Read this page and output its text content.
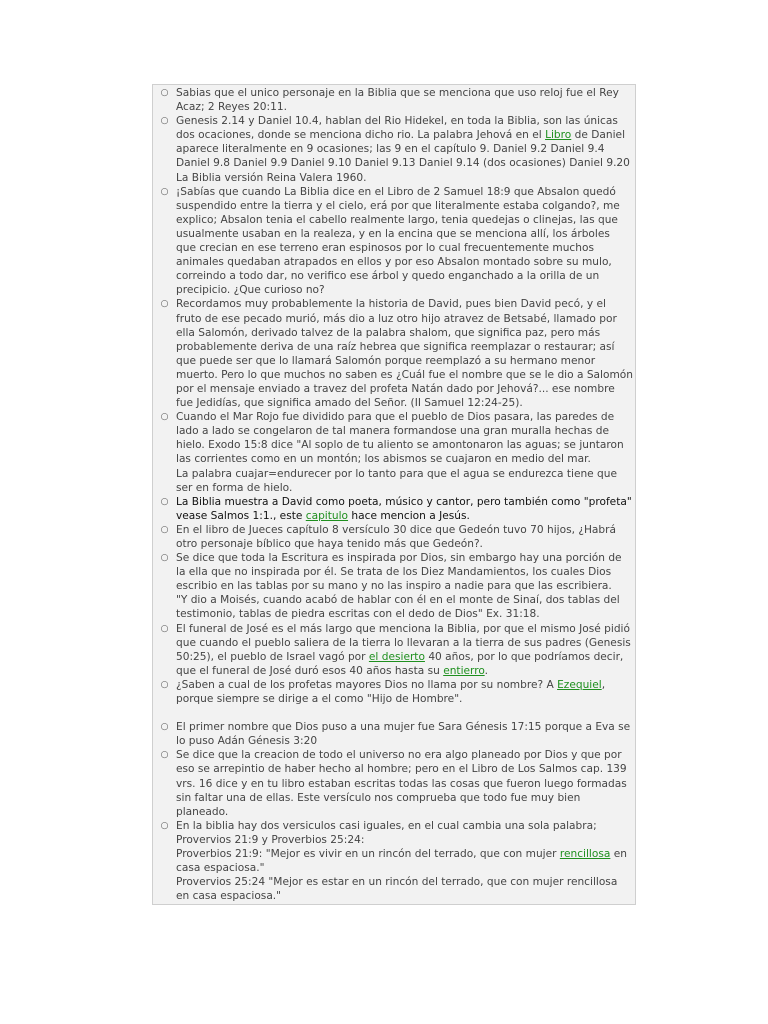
○ Sabias que el unico personaje en la Biblia que se menciona que uso reloj fue el Rey Acaz; 2 Reyes 20:11.
○ Genesis 2.14 y Daniel 10.4, hablan del Rio Hidekel, en toda la Biblia, son las únicas dos ocaciones, donde se menciona dicho rio. La palabra Jehová en el Libro de Daniel aparece literalmente en 9 ocasiones; las 9 en el capítulo 9. Daniel 9.2 Daniel 9.4 Daniel 9.8 Daniel 9.9 Daniel 9.10 Daniel 9.13 Daniel 9.14 (dos ocasiones) Daniel 9.20 La Biblia versión Reina Valera 1960.
○ ¡Sabías que cuando La Biblia dice en el Libro de 2 Samuel 18:9 que Absalon quedó suspendido entre la tierra y el cielo, erá por que literalmente estaba colgando?, me explico; Absalon tenia el cabello realmente largo, tenia quedejas o clinejas, las que usualmente usaban en la realeza, y en la encina que se menciona allí, los árboles que crecian en ese terreno eran espinosos por lo cual frecuentemente muchos animales quedaban atrapados en ellos y por eso Absalon montado sobre su mulo, correindo a todo dar, no verifico ese árbol y quedo enganchado a la orilla de un precipicio. ¿Que curioso no?
○ Recordamos muy probablemente la historia de David, pues bien David pecó, y el fruto de ese pecado murió, más dio a luz otro hijo atravez de Betsabé, llamado por ella Salomón, derivado talvez de la palabra shalom, que significa paz, pero más probablemente deriva de una raíz hebrea que significa reemplazar o restaurar; así que puede ser que lo llamará Salomón porque reemplazó a su hermano menor muerto. Pero lo que muchos no saben es ¿Cuál fue el nombre que se le dio a Salomón por el mensaje enviado a travez del profeta Natán dado por Jehová?... ese nombre fue Jedidías, que significa amado del Señor. (II Samuel 12:24-25).
○ Cuando el Mar Rojo fue dividido para que el pueblo de Dios pasara, las paredes de lado a lado se congelaron de tal manera formandose una gran muralla hechas de hielo. Exodo 15:8 dice "Al soplo de tu aliento se amontonaron las aguas; se juntaron las corrientes como en un montón; los abismos se cuajaron en medio del mar.
La palabra cuajar=endurecer por lo tanto para que el agua se endurezca tiene que ser en forma de hielo.
○ La Biblia muestra a David como poeta, músico y cantor, pero también como "profeta" vease Salmos 1:1., este capitulo hace mencion a Jesús.
○ En el libro de Jueces capítulo 8 versículo 30 dice que Gedeón tuvo 70 hijos, ¿Habrá otro personaje bíblico que haya tenido más que Gedeón?.
○ Se dice que toda la Escritura es inspirada por Dios, sin embargo hay una porción de la ella que no inspirada por él. Se trata de los Diez Mandamientos, los cuales Dios escribio en las tablas por su mano y no las inspiro a nadie para que las escribiera.
"Y dio a Moisés, cuando acabó de hablar con él en el monte de Sinaí, dos tablas del testimonio, tablas de piedra escritas con el dedo de Dios" Ex. 31:18.
○ El funeral de José es el más largo que menciona la Biblia, por que el mismo José pidió que cuando el pueblo saliera de la tierra lo llevaran a la tierra de sus padres (Genesis 50:25), el pueblo de Israel vagó por el desierto 40 años, por lo que podríamos decir, que el funeral de José duró esos 40 años hasta su entierro.
○ ¿Saben a cual de los profetas mayores Dios no llama por su nombre? A Ezequiel, porque siempre se dirige a el como "Hijo de Hombre".
○ El primer nombre que Dios puso a una mujer fue Sara Génesis 17:15 porque a Eva se lo puso Adán Génesis 3:20
○ Se dice que la creacion de todo el universo no era algo planeado por Dios y que por eso se arrepintio de haber hecho al hombre; pero en el Libro de Los Salmos cap. 139 vrs. 16 dice y en tu libro estaban escritas todas las cosas que fueron luego formadas sin faltar una de ellas. Este versículo nos comprueba que todo fue muy bien planeado.
○ En la biblia hay dos versiculos casi iguales, en el cual cambia una sola palabra;
Provervios 21:9 y Proverbios 25:24:
Proverbios 21:9: "Mejor es vivir en un rincón del terrado, que con mujer rencillosa en casa espaciosa."
Provervios 25:24 "Mejor es estar en un rincón del terrado, que con mujer rencillosa en casa espaciosa."
